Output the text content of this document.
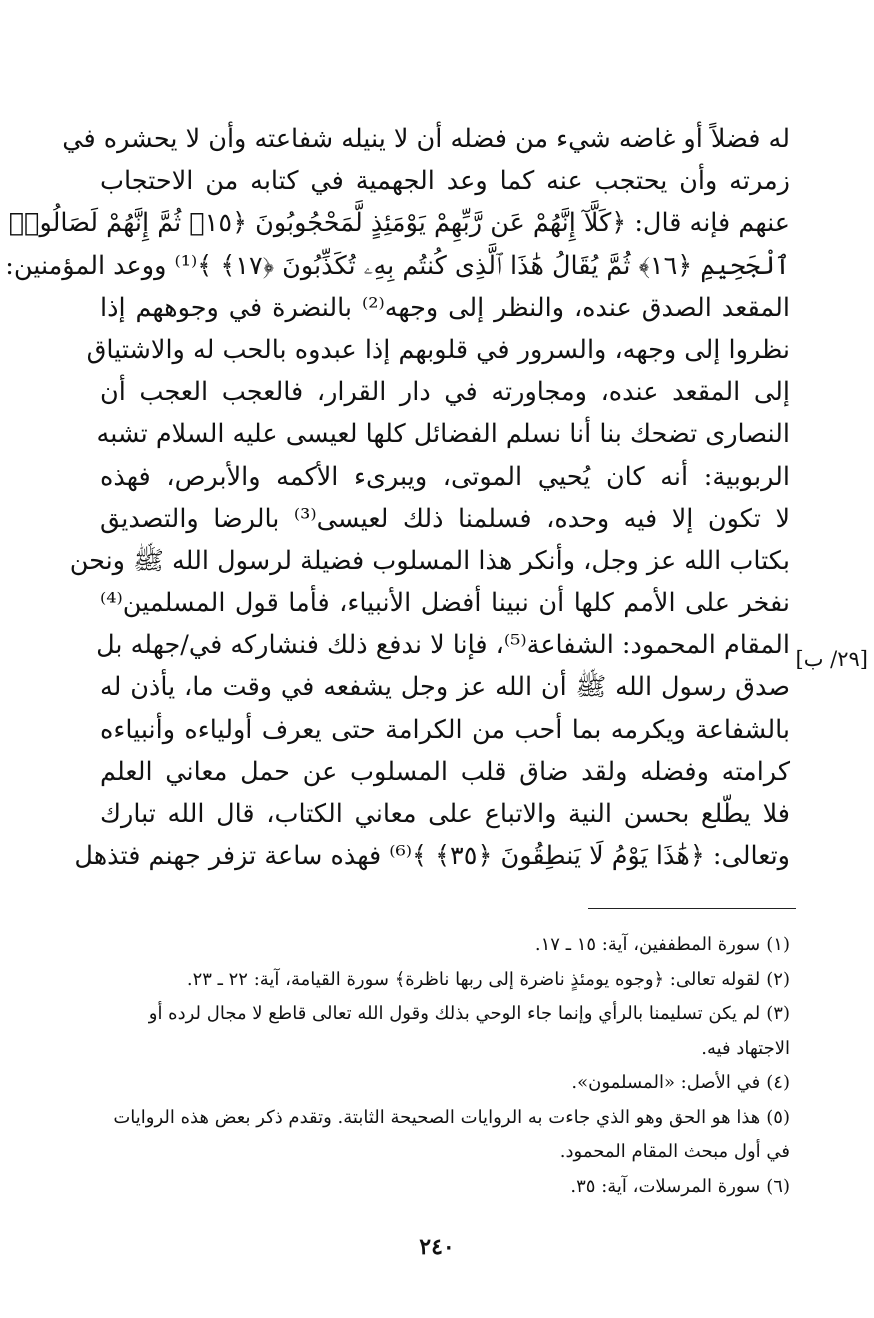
له فضلاً أو غاضه شيء من فضله أن لا ينيله شفاعته وأن لا يحشره في
زمرته وأن يحتجب عنه كما وعد الجهمية في كتابه من الاحتجاب
عنهم فإنه قال: ﴿كَلَّآ إِنَّهُمْ عَن رَّبِّهِمْ يَوْمَئِذٍ لَّمَحْجُوبُونَ ﴿١٥﴾ ثُمَّ إِنَّهُمْ لَصَالُوا۟
ٱلْجَحِيمِ ﴿١٦﴾ ثُمَّ يُقَالُ هَٰذَا ٱلَّذِى كُنتُم بِهِۦ تُكَذِّبُونَ ﴿١٧﴾ ﴾⁽¹⁾ ووعد المؤمنين:
المقعد الصدق عنده، والنظر إلى وجهه⁽²⁾ بالنضرة في وجوههم إذا
نظروا إلى وجهه، والسرور في قلوبهم إذا عبدوه بالحب له والاشتياق
إلى المقعد عنده، ومجاورته في دار القرار، فالعجب العجب أن
النصارى تضحك بنا أنا نسلم الفضائل كلها لعيسى عليه السلام تشبه
الربوبية: أنه كان يُحيي الموتى، ويبرىء الأكمه والأبرص، فهذه
لا تكون إلا فيه وحده، فسلمنا ذلك لعيسى⁽³⁾ بالرضا والتصديق
بكتاب الله عز وجل، وأنكر هذا المسلوب فضيلة لرسول الله ﷺ ونحن
نفخر على الأمم كلها أن نبينا أفضل الأنبياء، فأما قول المسلمين⁽⁴⁾
المقام المحمود: الشفاعة⁽⁵⁾، فإنا لا ندفع ذلك فنشاركه في/جهله بل
صدق رسول الله ﷺ أن الله عز وجل يشفعه في وقت ما، يأذن له
بالشفاعة ويكرمه بما أحب من الكرامة حتى يعرف أولياءه وأنبياءه
كرامته وفضله ولقد ضاق قلب المسلوب عن حمل معاني العلم
فلا يطّلع بحسن النية والاتباع على معاني الكتاب، قال الله تبارك
وتعالى: ﴿هَٰذَا يَوْمُ لَا يَنطِقُونَ ﴿٣٥﴾ ﴾⁽⁶⁾ فهذه ساعة تزفر جهنم فتذهل
[٢٩/ ب]
(١)سورة المطففين، آية: ١٥ ـ ١٧.
(٢)لقوله تعالى: ﴿وجوه يومئذٍ ناضرة إلى ربها ناظرة﴾ سورة القيامة، آية: ٢٢ ـ ٢٣.
(٣)لم يكن تسليمنا بالرأي وإنما جاء الوحي بذلك وقول الله تعالى قاطع لا مجال لرده أو الاجتهاد فيه.
(٤)في الأصل: «المسلمون».
(٥)هذا هو الحق وهو الذي جاءت به الروايات الصحيحة الثابتة. وتقدم ذكر بعض هذه الروايات في أول مبحث المقام المحمود.
(٦)سورة المرسلات، آية: ٣٥.
٢٤٠
